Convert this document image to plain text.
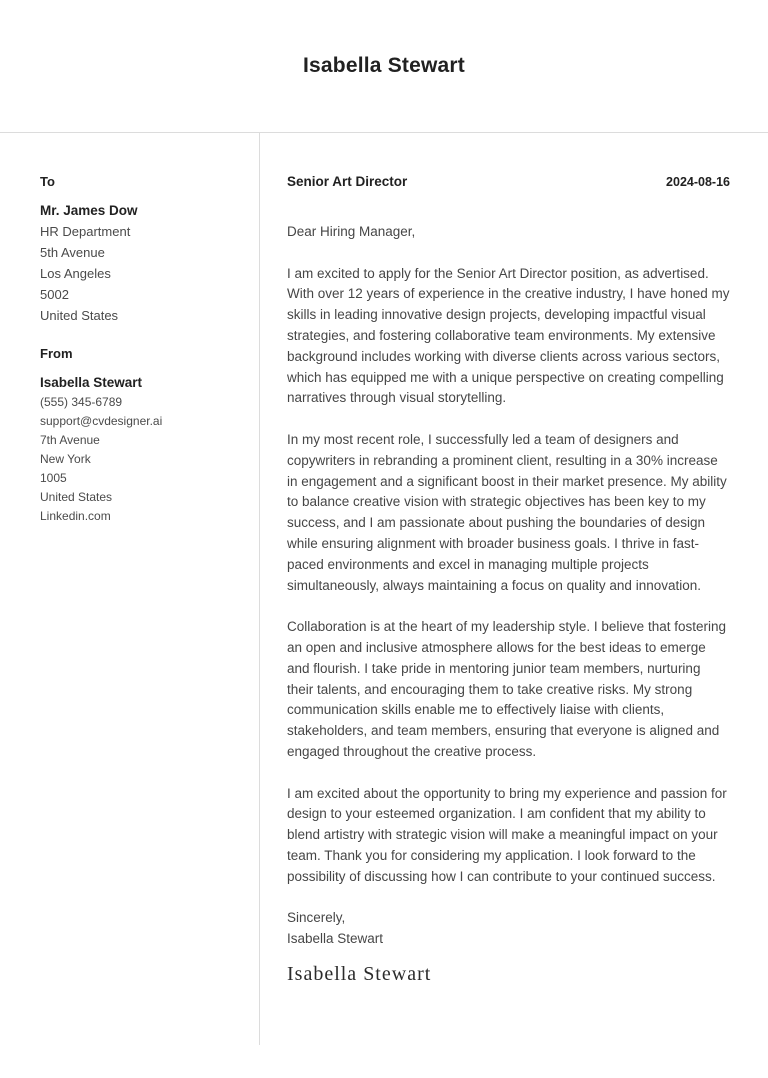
Isabella Stewart
To
Mr. James Dow
HR Department
5th Avenue
Los Angeles
5002
United States
From
Isabella Stewart
(555) 345-6789
support@cvdesigner.ai
7th Avenue
New York
1005
United States
Linkedin.com
Senior Art Director	2024-08-16
Dear Hiring Manager,

I am excited to apply for the Senior Art Director position, as advertised. With over 12 years of experience in the creative industry, I have honed my skills in leading innovative design projects, developing impactful visual strategies, and fostering collaborative team environments. My extensive background includes working with diverse clients across various sectors, which has equipped me with a unique perspective on creating compelling narratives through visual storytelling.

In my most recent role, I successfully led a team of designers and copywriters in rebranding a prominent client, resulting in a 30% increase in engagement and a significant boost in their market presence. My ability to balance creative vision with strategic objectives has been key to my success, and I am passionate about pushing the boundaries of design while ensuring alignment with broader business goals. I thrive in fast-paced environments and excel in managing multiple projects simultaneously, always maintaining a focus on quality and innovation.

Collaboration is at the heart of my leadership style. I believe that fostering an open and inclusive atmosphere allows for the best ideas to emerge and flourish. I take pride in mentoring junior team members, nurturing their talents, and encouraging them to take creative risks. My strong communication skills enable me to effectively liaise with clients, stakeholders, and team members, ensuring that everyone is aligned and engaged throughout the creative process.

I am excited about the opportunity to bring my experience and passion for design to your esteemed organization. I am confident that my ability to blend artistry with strategic vision will make a meaningful impact on your team. Thank you for considering my application. I look forward to the possibility of discussing how I can contribute to your continued success.

Sincerely,
Isabella Stewart
Isabella Stewart
